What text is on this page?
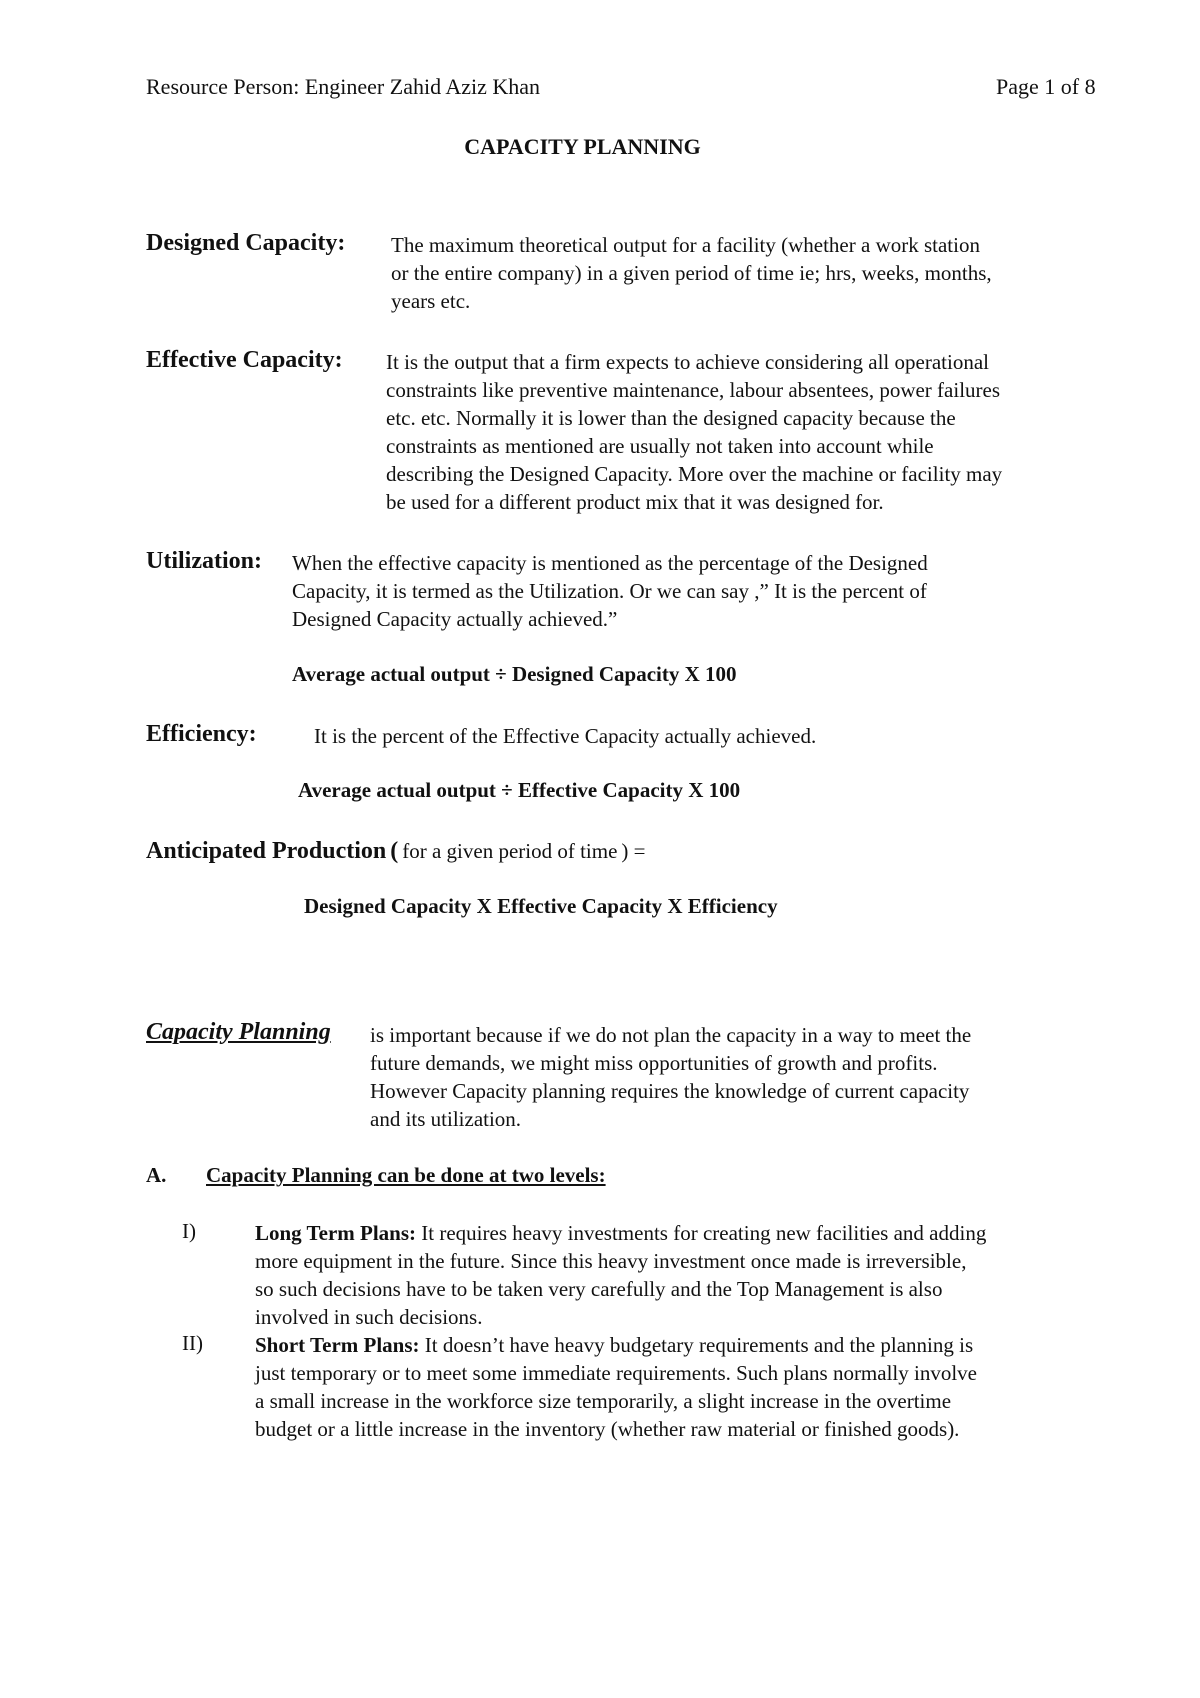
Resource Person: Engineer Zahid Aziz Khan	Page 1 of 8
CAPACITY PLANNING
Designed Capacity: The maximum theoretical output for a facility (whether a work station
or the entire company) in a given period of time ie; hrs, weeks, months,
years etc.
Effective Capacity: It is the output that a firm expects to achieve considering all operational
constraints like preventive maintenance, labour absentees, power failures
etc. etc. Normally it is lower than the designed capacity because the
constraints as mentioned are usually not taken into account while
describing the Designed Capacity. More over the machine or facility may
be used for a different product mix that it was designed for.
Utilization: When the effective capacity is mentioned as the percentage of the Designed
Capacity, it is termed as the Utilization. Or we can say ,” It is the percent of
Designed Capacity actually achieved.”
Average actual output ÷ Designed Capacity X 100
Efficiency:	It is the percent of the Effective Capacity actually achieved.
Average actual output ÷ Effective Capacity X 100
Anticipated Production ( for a given period of time ) =
Designed Capacity X Effective Capacity X Efficiency
Capacity Planning is important because if we do not plan the capacity in a way to meet the
future demands, we might miss opportunities of growth and profits.
However Capacity planning requires the knowledge of current capacity
and its utilization.
A. Capacity Planning can be done at two levels:
I)	Long Term Plans: It requires heavy investments for creating new facilities and adding

more equipment in the future. Since this heavy investment once made is irreversible,

so such decisions have to be taken very carefully and the Top Management is also

involved in such decisions.

II) Short Term Plans: It doesn’t have heavy budgetary requirements and the planning is

just temporary or to meet some immediate requirements. Such plans normally involve

a small increase in the workforce size temporarily, a slight increase in the overtime

budget or a little increase in the inventory (whether raw material or finished goods).
